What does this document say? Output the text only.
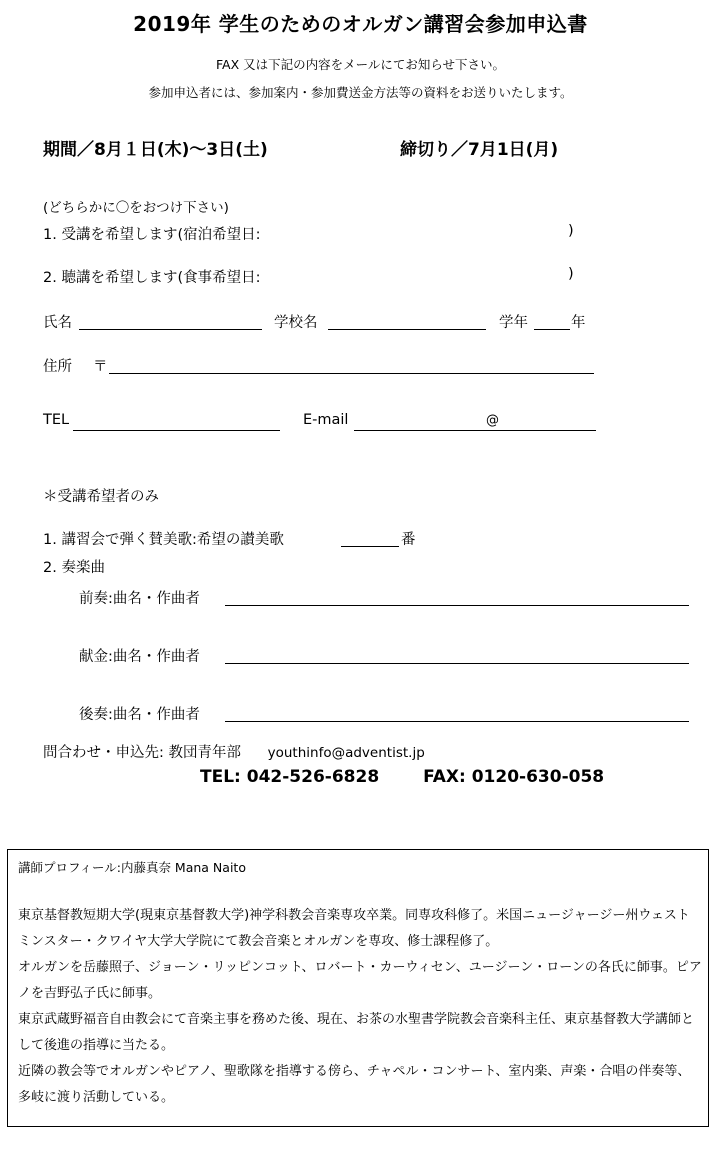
2019年 学生のためのオルガン講習会参加申込書
FAX 又は下記の内容をメールにてお知らせ下さい。
参加申込者には、参加案内・参加費送金方法等の資料をお送りいたします。
期間／8月１日(木)～3日(土)	締切り／7月1日(月)
(どちらかに〇をおつけ下さい)
1. 受講を希望します(宿泊希望日:	)
2. 聴講を希望します(食事希望日:	)
氏名	学校名	学年	年
住所 〒
TEL	E-mail	@
＊受講希望者のみ
1. 講習会で弾く賛美歌:希望の讃美歌	番
2. 奏楽曲
前奏:曲名・作曲者
献金:曲名・作曲者
後奏:曲名・作曲者
問合わせ・申込先: 教団青年部 youthinfo@adventist.jp
TEL: 042-526-6828	FAX: 0120-630-058
講師プロフィール:内藤真奈 Mana Naito

東京基督教短期大学(現東京基督教大学)神学科教会音楽専攻卒業。同専攻科修了。米国ニュージャージー州ウェストミンスター・クワイヤ大学大学院にて教会音楽とオルガンを専攻、修士課程修了。

オルガンを岳藤照子、ジョーン・リッピンコット、ロバート・カーウィセン、ユージーン・ローンの各氏に師事。ピアノを吉野弘子氏に師事。

東京武蔵野福音自由教会にて音楽主事を務めた後、現在、お茶の水聖書学院教会音楽科主任、東京基督教大学講師として後進の指導に当たる。

近隣の教会等でオルガンやピアノ、聖歌隊を指導する傍ら、チャペル・コンサート、室内楽、声楽・合唱の伴奏等、多岐に渡り活動している。
